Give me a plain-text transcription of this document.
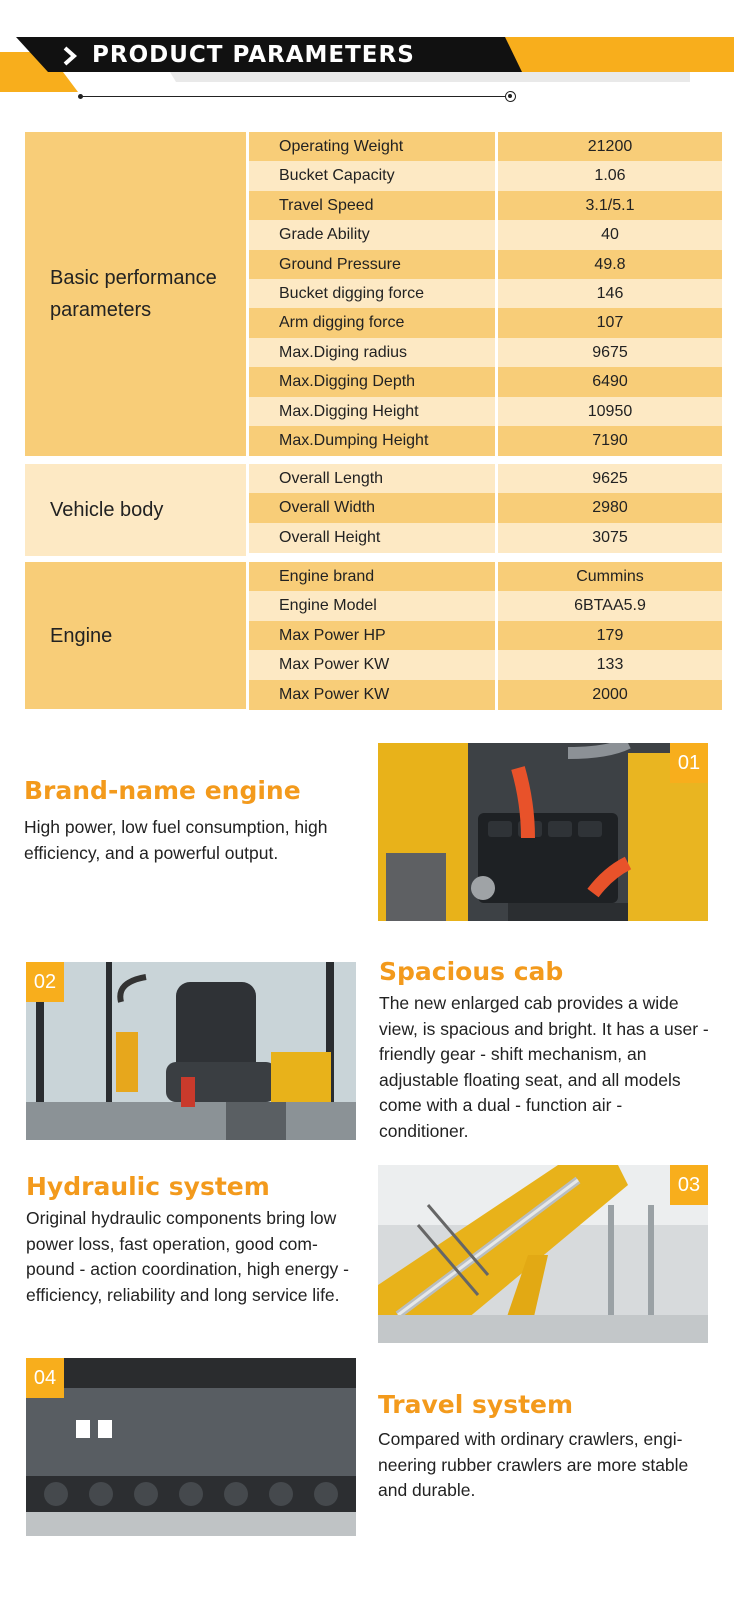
PRODUCT PARAMETERS
Basic performance
parameters
Operating Weight	21200
Bucket Capacity	1.06
Travel Speed	3.1/5.1
Grade Ability	40
Ground Pressure	49.8
Bucket digging force	146
Arm digging force	107
Max.Diging radius	9675
Max.Digging Depth	6490
Max.Digging Height	10950
Max.Dumping Height	7190
Vehicle body
Overall Length	9625
Overall Width	2980
Overall Height	3075
Engine
Engine brand	Cummins
Engine Model	6BTAA5.9
Max Power HP	179
Max Power KW	133
Max Power KW	2000
Brand-name engine
High power, low fuel consumption, high efficiency, and a powerful output.
01
02	Spacious cab
The new enlarged cab provides a wide view, is spacious and bright. It has a user - friendly gear - shift mechanism, an adjustable floating seat, and all models come with a dual - function air - conditioner.
Hydraulic system
Original hydraulic components bring low power loss, fast operation, good com-pound - action coordination, high energy - efficiency, reliability and long service life.
03
04
Travel system
Compared with ordinary crawlers, engi-neering rubber crawlers are more stable and durable.
